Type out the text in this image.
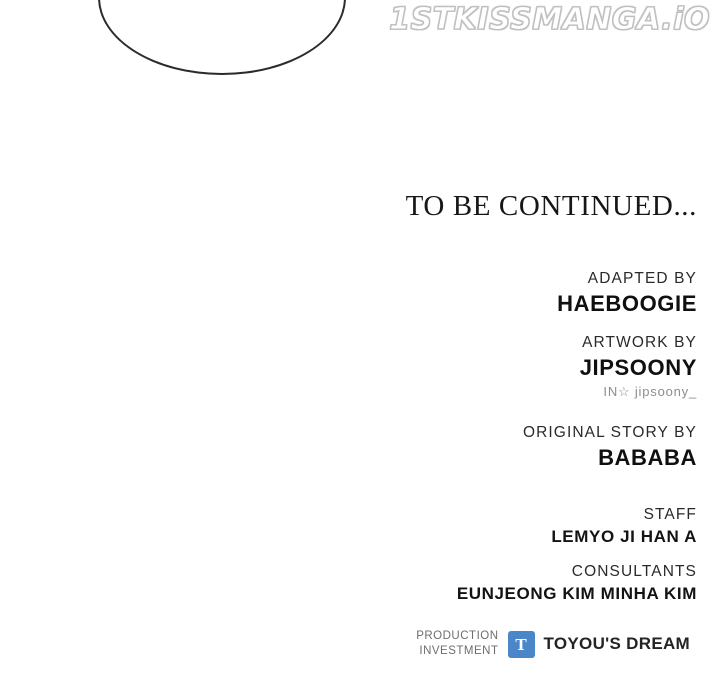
1STKISSMANGA.iO
TO BE CONTINUED...
ADAPTED BY
HAEBOOGIE
ARTWORK BY
JIPSOONY
IN☆ jipsoony_
ORIGINAL STORY BY
BABABA
STAFF
LEMYO JI HAN A
CONSULTANTS
EUNJEONG KIM MINHA KIM
PRODUCTION
INVESTMENT T TOYOU'S DREAM
